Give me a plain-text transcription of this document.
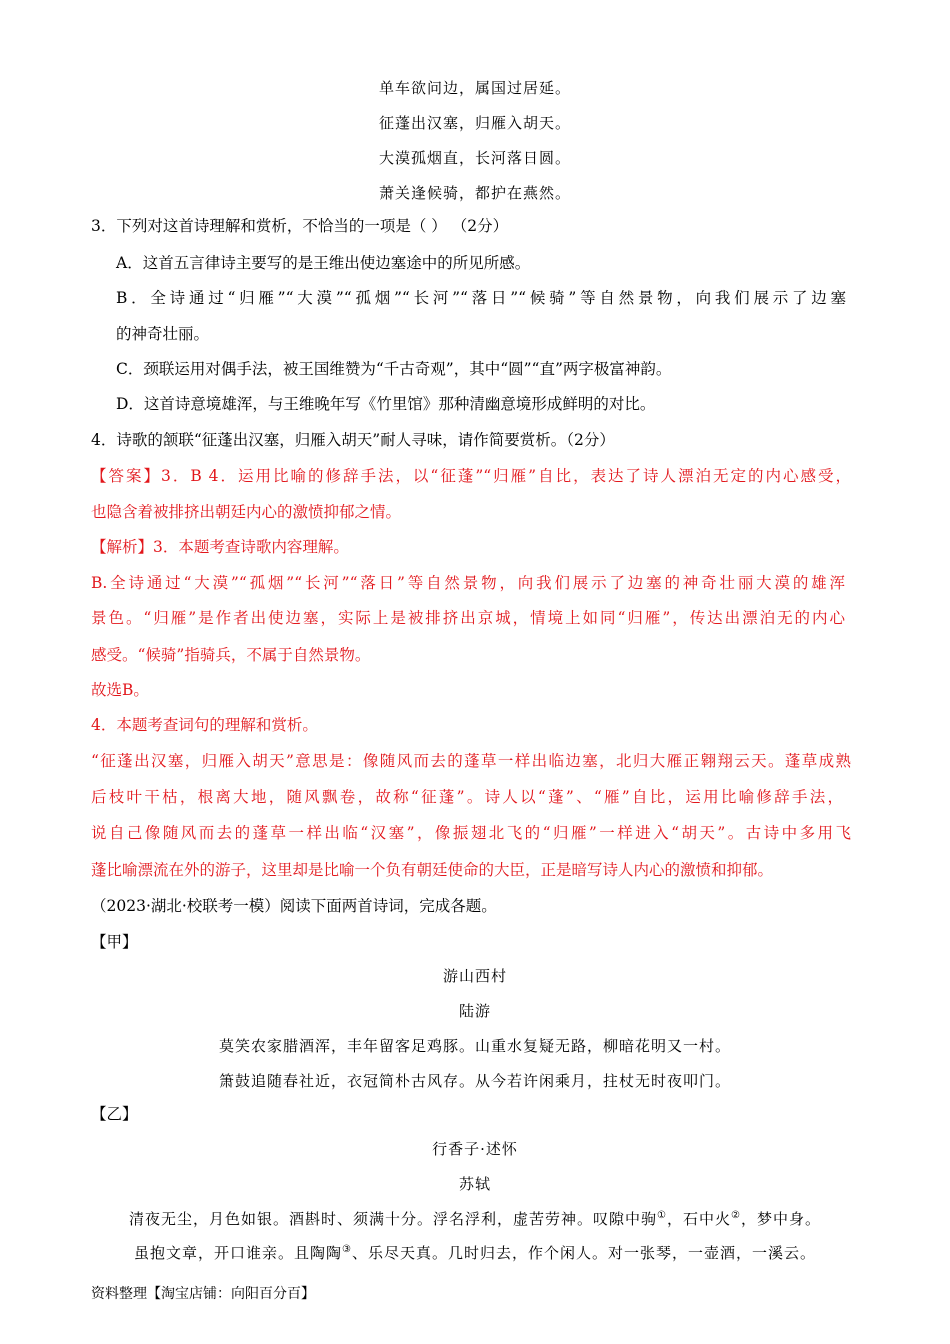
单车欲问边，属国过居延。
征蓬出汉塞，归雁入胡天。
大漠孤烟直，长河落日圆。
萧关逢候骑，都护在燕然。
3．下列对这首诗理解和赏析，不恰当的一项是（ ） （2分）
A．这首五言律诗主要写的是王维出使边塞途中的所见所感。
B．全诗通过“归雁”“大漠”“孤烟”“长河”“落日”“候骑”等自然景物，向我们展示了边塞
的神奇壮丽。
C．颈联运用对偶手法，被王国维赞为“千古奇观”，其中“圆”“直”两字极富神韵。
D．这首诗意境雄浑，与王维晚年写《竹里馆》那种清幽意境形成鲜明的对比。
4．诗歌的颔联“征蓬出汉塞，归雁入胡天”耐人寻味，请作简要赏析。（2分）
【答案】3．B 4．运用比喻的修辞手法，以“征蓬”“归雁”自比，表达了诗人漂泊无定的内心感受，
也隐含着被排挤出朝廷内心的激愤抑郁之情。
【解析】3．本题考查诗歌内容理解。
B.全诗通过“大漠”“孤烟”“长河”“落日”等自然景物，向我们展示了边塞的神奇壮丽大漠的雄浑
景色。“归雁”是作者出使边塞，实际上是被排挤出京城，情境上如同“归雁”，传达出漂泊无的内心
感受。“候骑”指骑兵，不属于自然景物。
故选B。
4．本题考查词句的理解和赏析。
“征蓬出汉塞，归雁入胡天”意思是：像随风而去的蓬草一样出临边塞，北归大雁正翱翔云天。蓬草成熟
后枝叶干枯，根离大地，随风飘卷，故称“征蓬”。诗人以“蓬”、“雁”自比，运用比喻修辞手法，
说自己像随风而去的蓬草一样出临“汉塞”，像振翅北飞的“归雁”一样进入“胡天”。古诗中多用飞
蓬比喻漂流在外的游子，这里却是比喻一个负有朝廷使命的大臣，正是暗写诗人内心的激愤和抑郁。
（2023·湖北·校联考一模）阅读下面两首诗词，完成各题。
【甲】
游山西村
陆游
莫笑农家腊酒浑，丰年留客足鸡豚。山重水复疑无路，柳暗花明又一村。
箫鼓追随春社近，衣冠简朴古风存。从今若许闲乘月，拄杖无时夜叩门。
【乙】
行香子·述怀
苏轼
清夜无尘，月色如银。酒斟时、须满十分。浮名浮利，虚苦劳神。叹隙中驹①，石中火②，梦中身。
虽抱文章，开口谁亲。且陶陶③、乐尽天真。几时归去，作个闲人。对一张琴，一壶酒，一溪云。
资料整理【淘宝店铺：向阳百分百】
